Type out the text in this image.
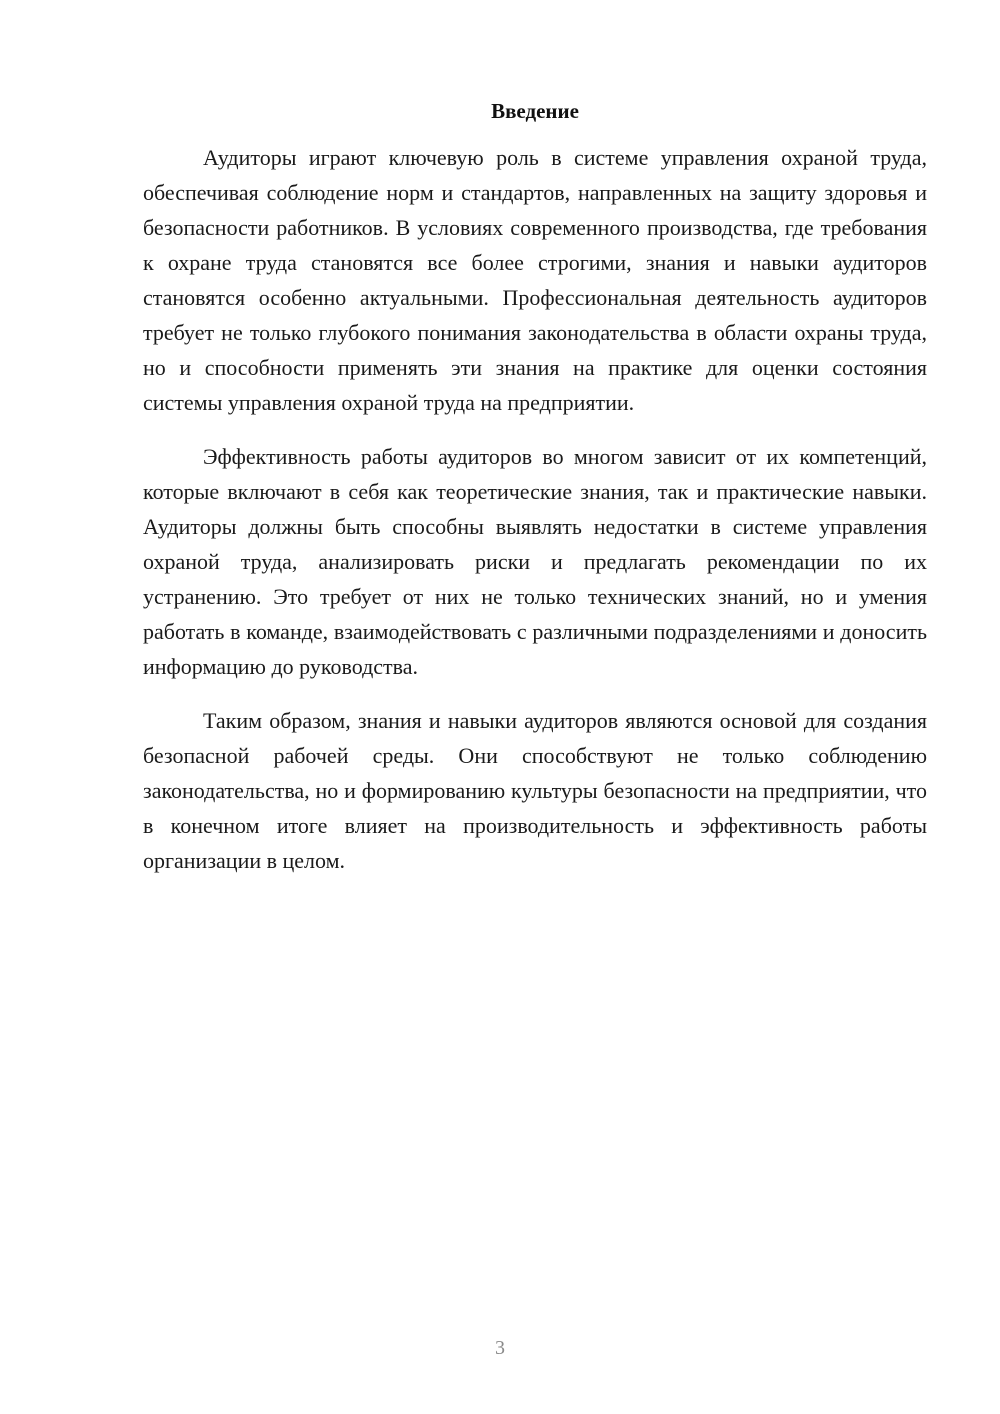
Введение

Аудиторы играют ключевую роль в системе управления охраной труда, обеспечивая соблюдение норм и стандартов, направленных на защиту здоровья и безопасности работников. В условиях современного производства, где требования к охране труда становятся все более строгими, знания и навыки аудиторов становятся особенно актуальными. Профессиональная деятельность аудиторов требует не только глубокого понимания законодательства в области охраны труда, но и способности применять эти знания на практике для оценки состояния системы управления охраной труда на предприятии.

Эффективность работы аудиторов во многом зависит от их компетенций, которые включают в себя как теоретические знания, так и практические навыки. Аудиторы должны быть способны выявлять недостатки в системе управления охраной труда, анализировать риски и предлагать рекомендации по их устранению. Это требует от них не только технических знаний, но и умения работать в команде, взаимодействовать с различными подразделениями и доносить информацию до руководства.

Таким образом, знания и навыки аудиторов являются основой для создания безопасной рабочей среды. Они способствуют не только соблюдению законодательства, но и формированию культуры безопасности на предприятии, что в конечном итоге влияет на производительность и эффективность работы организации в целом.

3
